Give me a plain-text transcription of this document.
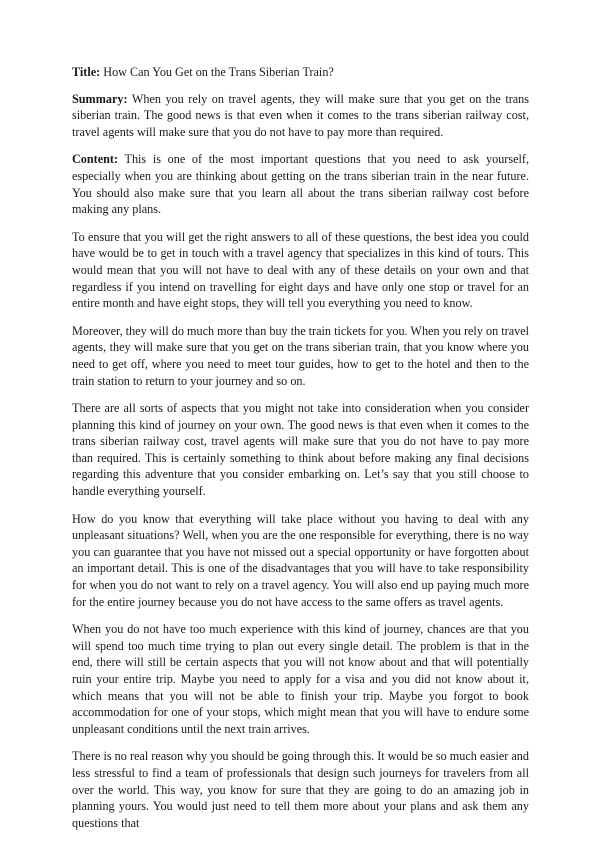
Title: How Can You Get on the Trans Siberian Train?

Summary: When you rely on travel agents, they will make sure that you get on the trans siberian train. The good news is that even when it comes to the trans siberian railway cost, travel agents will make sure that you do not have to pay more than required.

Content: This is one of the most important questions that you need to ask yourself, especially when you are thinking about getting on the trans siberian train in the near future. You should also make sure that you learn all about the trans siberian railway cost before making any plans.

To ensure that you will get the right answers to all of these questions, the best idea you could have would be to get in touch with a travel agency that specializes in this kind of tours. This would mean that you will not have to deal with any of these details on your own and that regardless if you intend on travelling for eight days and have only one stop or travel for an entire month and have eight stops, they will tell you everything you need to know.

Moreover, they will do much more than buy the train tickets for you. When you rely on travel agents, they will make sure that you get on the trans siberian train, that you know where you need to get off, where you need to meet tour guides, how to get to the hotel and then to the train station to return to your journey and so on.

There are all sorts of aspects that you might not take into consideration when you consider planning this kind of journey on your own. The good news is that even when it comes to the trans siberian railway cost, travel agents will make sure that you do not have to pay more than required. This is certainly something to think about before making any final decisions regarding this adventure that you consider embarking on. Let’s say that you still choose to handle everything yourself.

How do you know that everything will take place without you having to deal with any unpleasant situations? Well, when you are the one responsible for everything, there is no way you can guarantee that you have not missed out a special opportunity or have forgotten about an important detail. This is one of the disadvantages that you will have to take responsibility for when you do not want to rely on a travel agency. You will also end up paying much more for the entire journey because you do not have access to the same offers as travel agents.

When you do not have too much experience with this kind of journey, chances are that you will spend too much time trying to plan out every single detail. The problem is that in the end, there will still be certain aspects that you will not know about and that will potentially ruin your entire trip. Maybe you need to apply for a visa and you did not know about it, which means that you will not be able to finish your trip. Maybe you forgot to book accommodation for one of your stops, which might mean that you will have to endure some unpleasant conditions until the next train arrives.

There is no real reason why you should be going through this. It would be so much easier and less stressful to find a team of professionals that design such journeys for travelers from all over the world. This way, you know for sure that they are going to do an amazing job in planning yours. You would just need to tell them more about your plans and ask them any questions that
